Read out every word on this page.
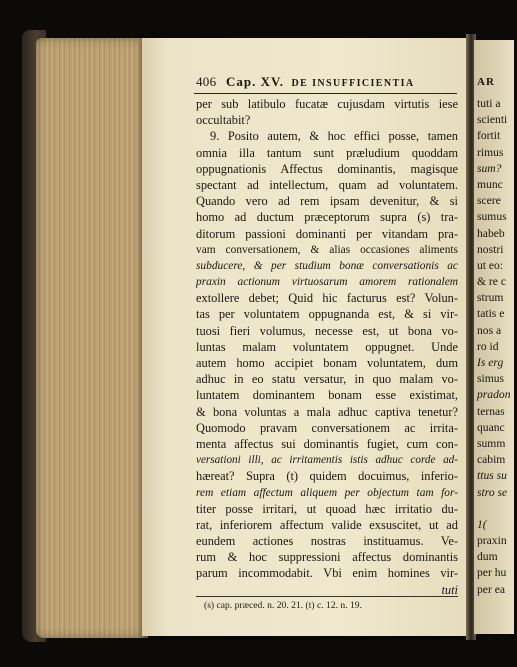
406 Cap. XV. DE INSUFFICIENTIA
per sub latibulo fucatæ cujusdam virtutis iese
occultabit?
9. Posito autem, & hoc effici posse, tamen
omnia illa tantum sunt præludium quoddam
oppugnationis Affectus dominantis, magisque
spectant ad intellectum, quam ad voluntatem.
Quando vero ad rem ipsam devenitur, & si
homo ad ductum præceptorum supra (s) tra-
ditorum passioni dominanti per vitandam pra-
vam conversationem, & alias occasiones aliments
subducere, & per studium bonæ conversationis ac
praxin actionum virtuosarum amorem rationalem
extollere debet; Quid hic facturus est? Volun-
tas per voluntatem oppugnanda est, & si vir-
tuosi fieri volumus, necesse est, ut bona vo-
luntas malam voluntatem oppugnet. Unde
autem homo accipiet bonam voluntatem, dum
adhuc in eo statu versatur, in quo malam vo-
luntatem dominantem bonam esse existimat,
& bona voluntas a mala adhuc captiva tenetur?
Quomodo pravam conversationem ac irrita-
menta affectus sui dominantis fugiet, cum con-
versationi illi, ac irritamentis istis adhuc corde ad-
hæreat? Supra (t) quidem docuimus, inferio-
rem etiam affectum aliquem per objectum tam for-
titer posse irritari, ut quoad hæc irritatio du-
rat, inferiorem affectum valide exsuscitet, ut ad
eundem actiones nostras instituamus. Ve-
rum & hoc suppressioni affectus dominantis
parum incommodabit. Vbi enim homines vir-
tuti
(s) cap. præced. n. 20. 21. (t) c. 12. n. 19.
AR
tuti a
scienti
fortit
rimus
sum?
munc
scere
sumus
habeb
nostri
ut eo:
& re c
strum
tatis e
nos a
ro id
Is erg
simus
pradon
ternas
quanc
summ
cabim
ttus su
stro se
1(
praxin
dum
per hu
per ea
